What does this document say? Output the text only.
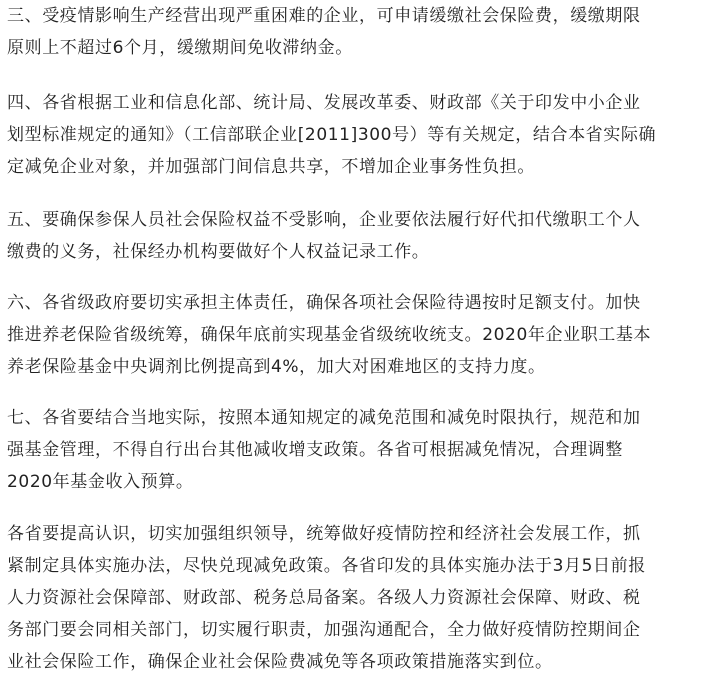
三、受疫情影响生产经营出现严重困难的企业，可申请缓缴社会保险费，缓缴期限
原则上不超过6个月，缓缴期间免收滞纳金。

四、各省根据工业和信息化部、统计局、发展改革委、财政部《关于印发中小企业
划型标准规定的通知》（工信部联企业[2011]300号）等有关规定，结合本省实际确
定减免企业对象，并加强部门间信息共享，不增加企业事务性负担。

五、要确保参保人员社会保险权益不受影响，企业要依法履行好代扣代缴职工个人
缴费的义务，社保经办机构要做好个人权益记录工作。

六、各省级政府要切实承担主体责任，确保各项社会保险待遇按时足额支付。加快
推进养老保险省级统筹，确保年底前实现基金省级统收统支。2020年企业职工基本
养老保险基金中央调剂比例提高到4%，加大对困难地区的支持力度。

七、各省要结合当地实际，按照本通知规定的减免范围和减免时限执行，规范和加
强基金管理，不得自行出台其他减收增支政策。各省可根据减免情况，合理调整
2020年基金收入预算。

各省要提高认识，切实加强组织领导，统筹做好疫情防控和经济社会发展工作，抓
紧制定具体实施办法，尽快兑现减免政策。各省印发的具体实施办法于3月5日前报
人力资源社会保障部、财政部、税务总局备案。各级人力资源社会保障、财政、税
务部门要会同相关部门，切实履行职责，加强沟通配合，全力做好疫情防控期间企
业社会保险工作，确保企业社会保险费减免等各项政策措施落实到位。
